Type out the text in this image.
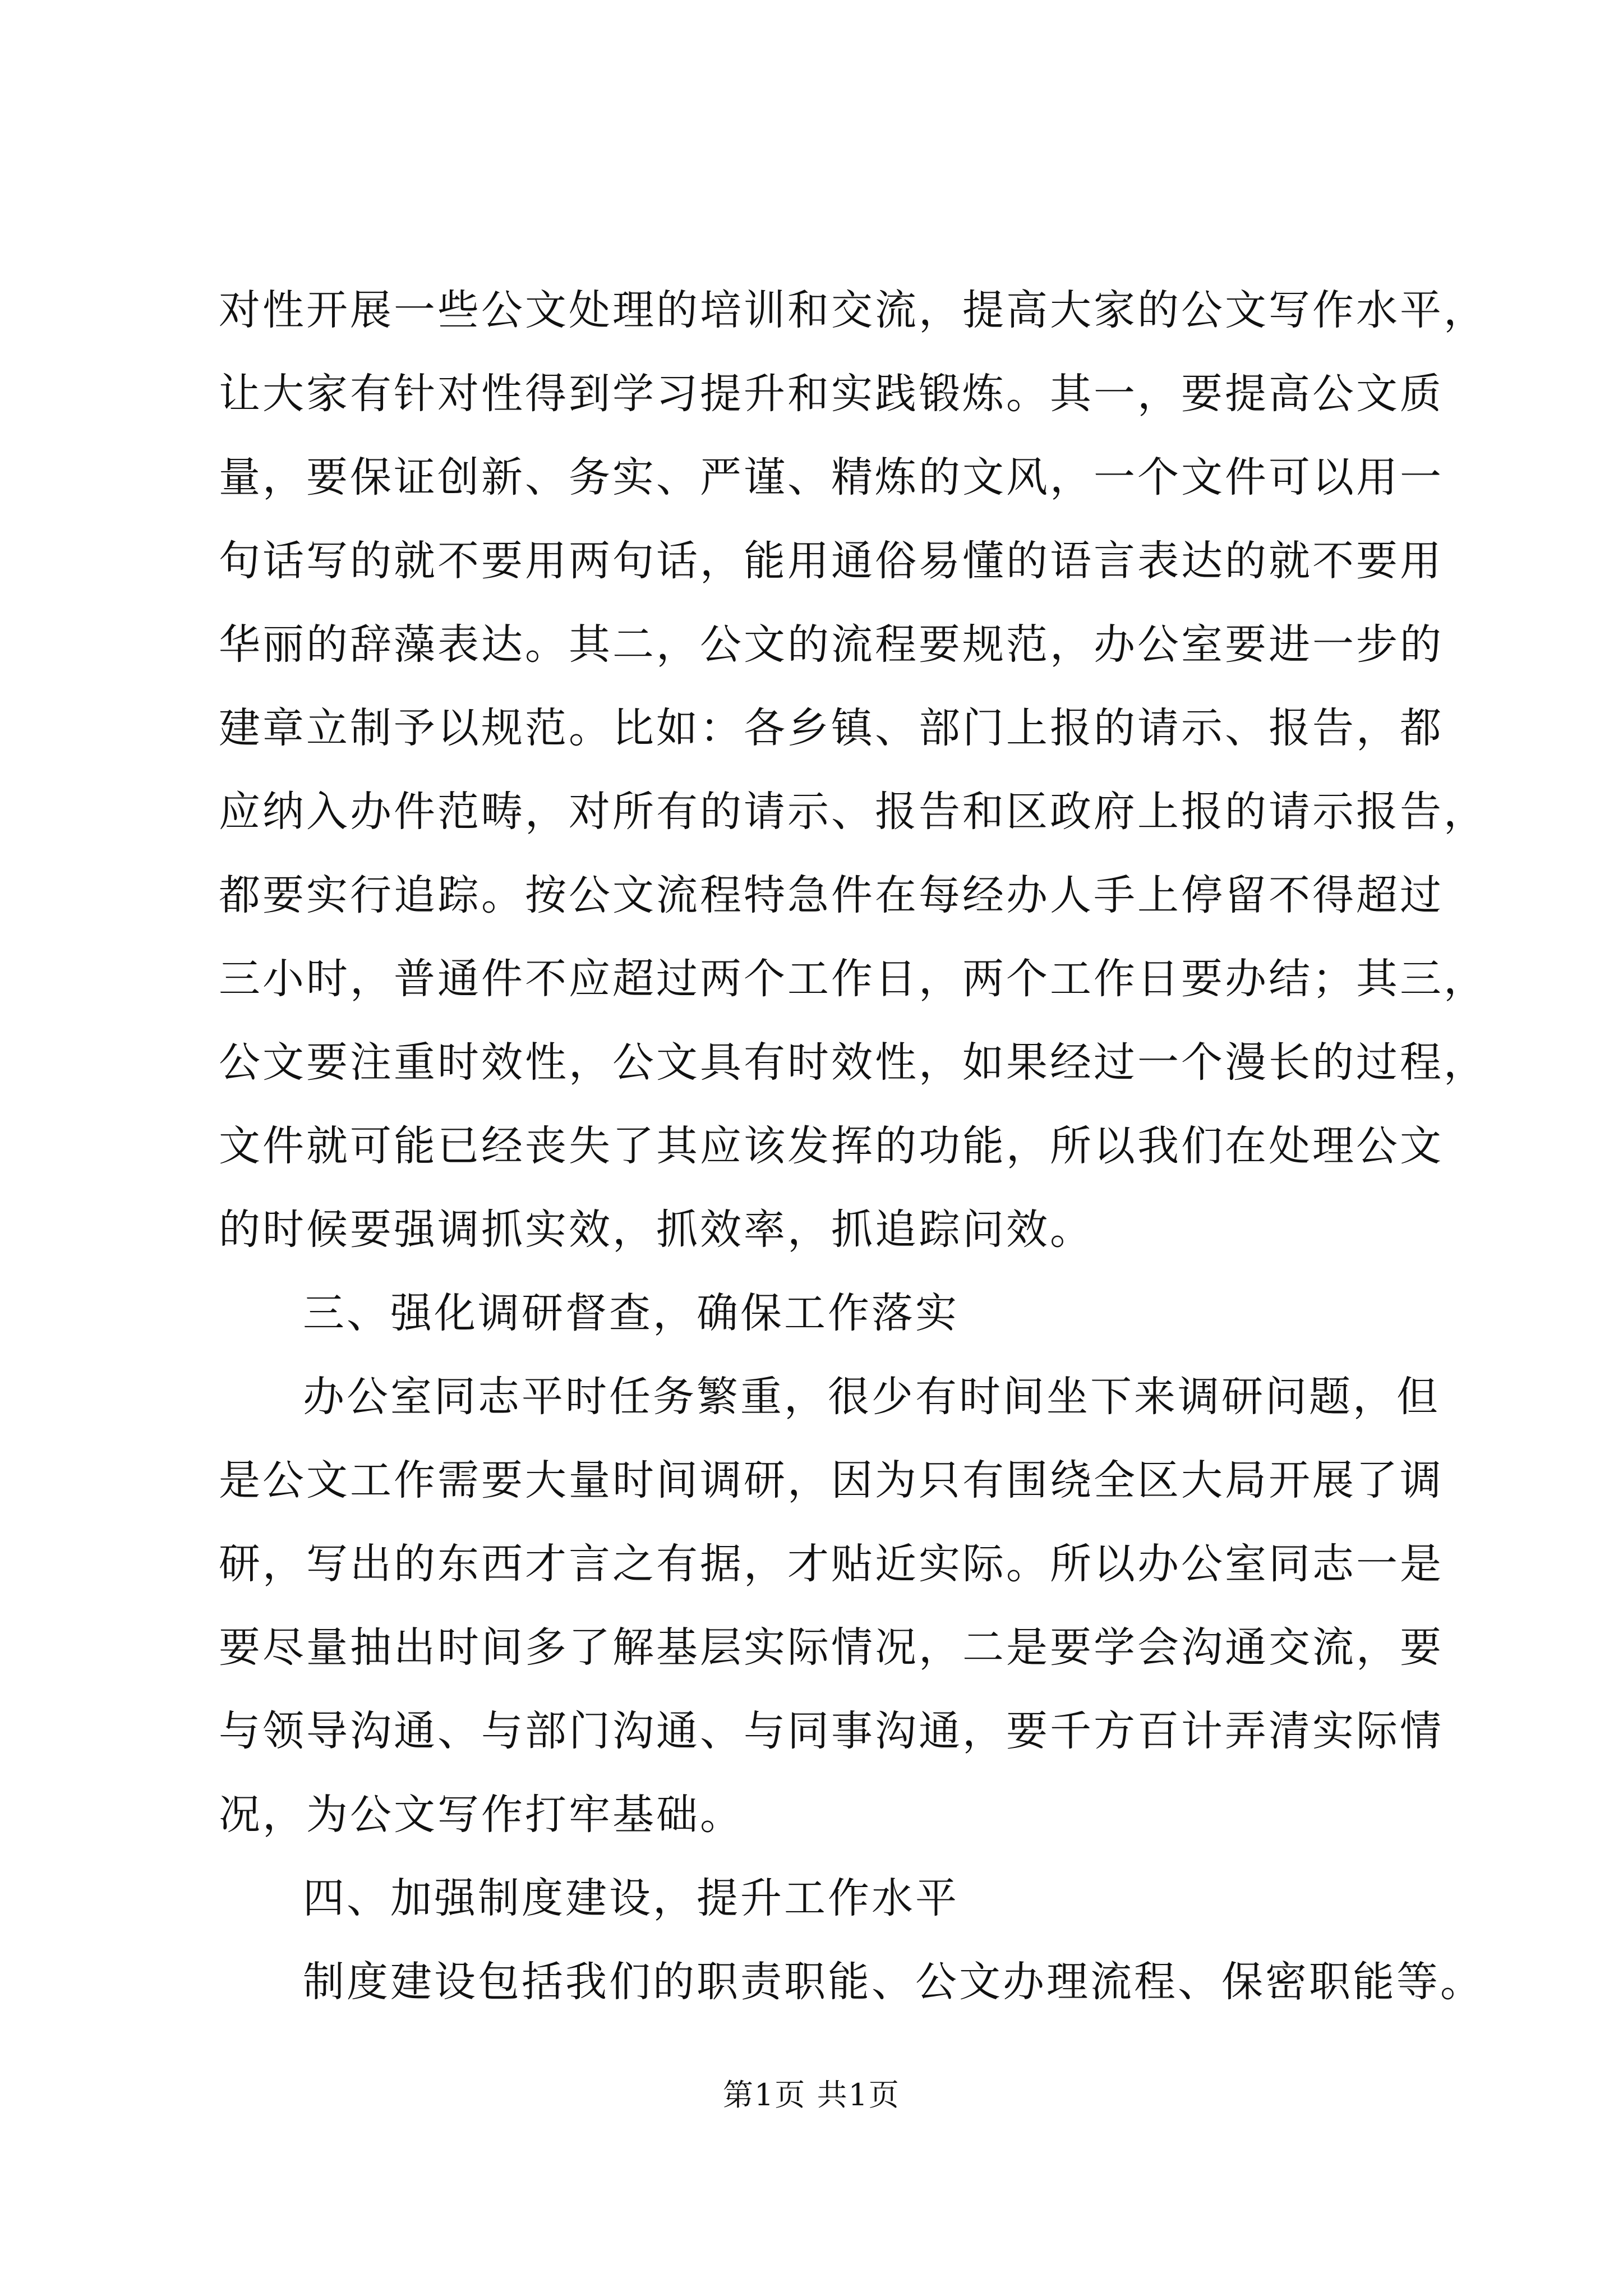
对性开展一些公文处理的培训和交流，提高大家的公文写作水平，
让大家有针对性得到学习提升和实践锻炼。其一，要提高公文质
量，要保证创新、务实、严谨、精炼的文风，一个文件可以用一
句话写的就不要用两句话，能用通俗易懂的语言表达的就不要用
华丽的辞藻表达。其二，公文的流程要规范，办公室要进一步的
建章立制予以规范。比如：各乡镇、部门上报的请示、报告，都
应纳入办件范畴，对所有的请示、报告和区政府上报的请示报告，
都要实行追踪。按公文流程特急件在每经办人手上停留不得超过
三小时，普通件不应超过两个工作日，两个工作日要办结；其三，
公文要注重时效性，公文具有时效性，如果经过一个漫长的过程，
文件就可能已经丧失了其应该发挥的功能，所以我们在处理公文
的时候要强调抓实效，抓效率，抓追踪问效。
三、强化调研督查，确保工作落实
办公室同志平时任务繁重，很少有时间坐下来调研问题，但
是公文工作需要大量时间调研，因为只有围绕全区大局开展了调
研，写出的东西才言之有据，才贴近实际。所以办公室同志一是
要尽量抽出时间多了解基层实际情况，二是要学会沟通交流，要
与领导沟通、与部门沟通、与同事沟通，要千方百计弄清实际情
况，为公文写作打牢基础。
四、加强制度建设，提升工作水平
制度建设包括我们的职责职能、公文办理流程、保密职能等。
第1页 共1页
